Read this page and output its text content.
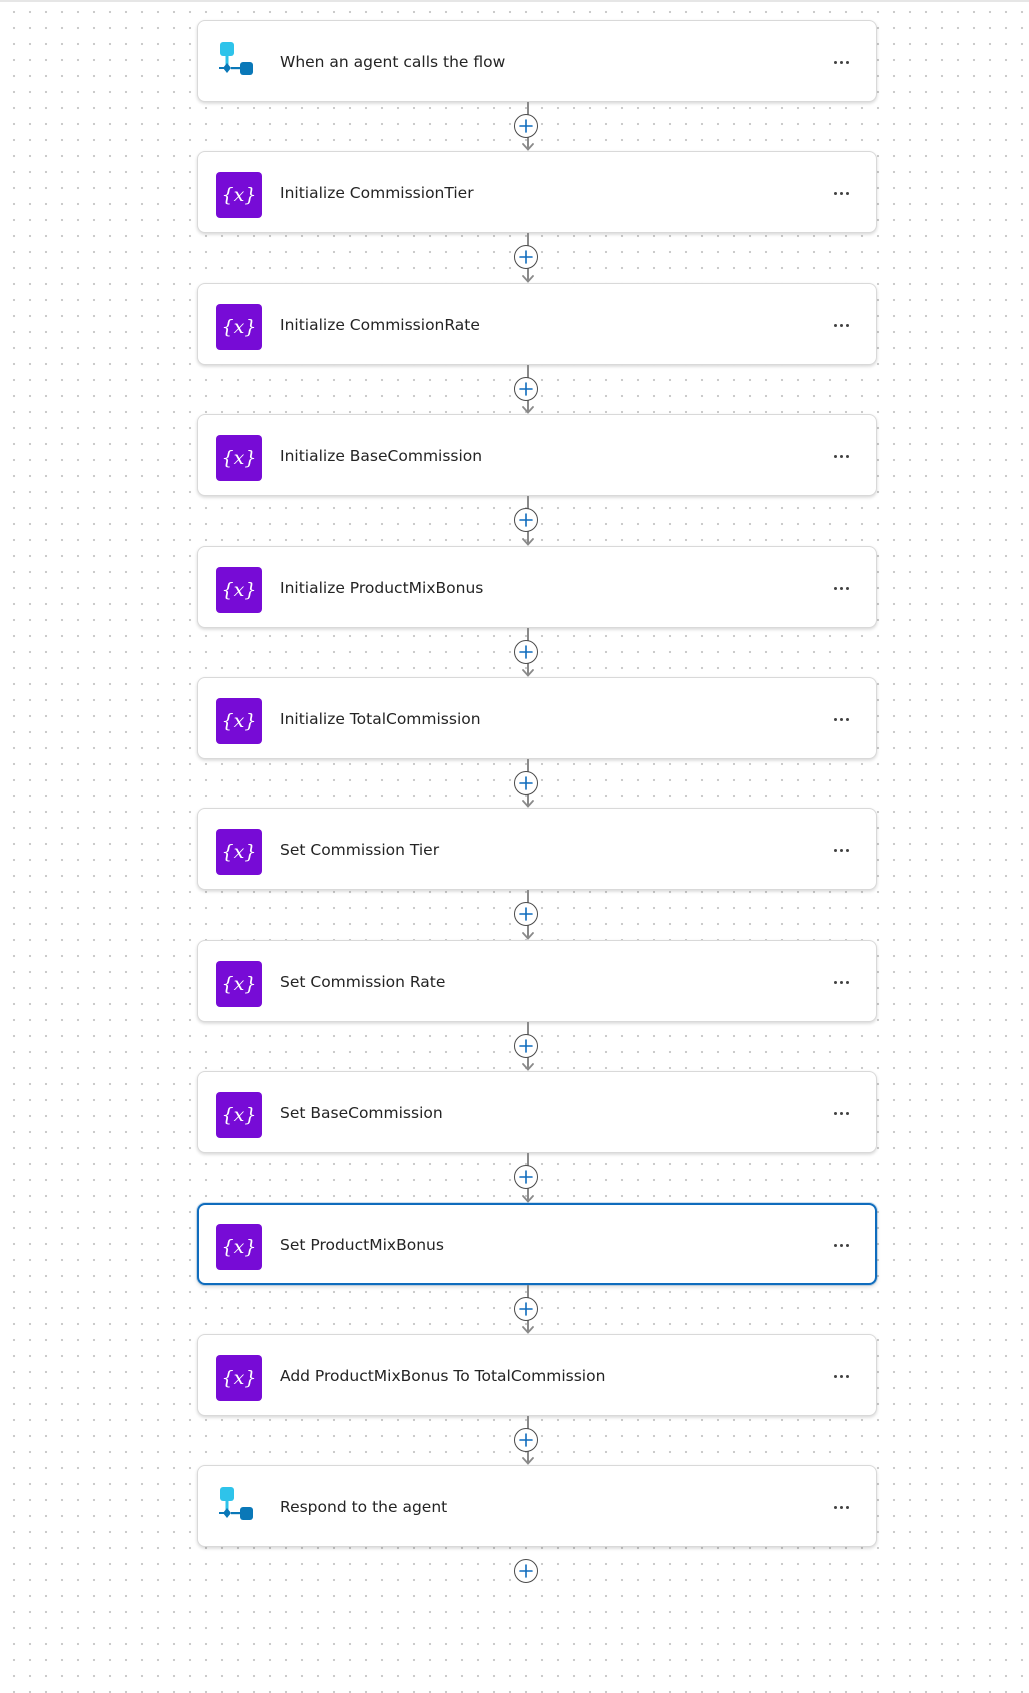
When an agent calls the flow
{x} Initialize CommissionTier
{x} Initialize CommissionRate
{x} Initialize BaseCommission
{x} Initialize ProductMixBonus
{x} Initialize TotalCommission
{x} Set Commission Tier
{x} Set Commission Rate
{x} Set BaseCommission
{x} Set ProductMixBonus
{x} Add ProductMixBonus To TotalCommission
Respond to the agent
